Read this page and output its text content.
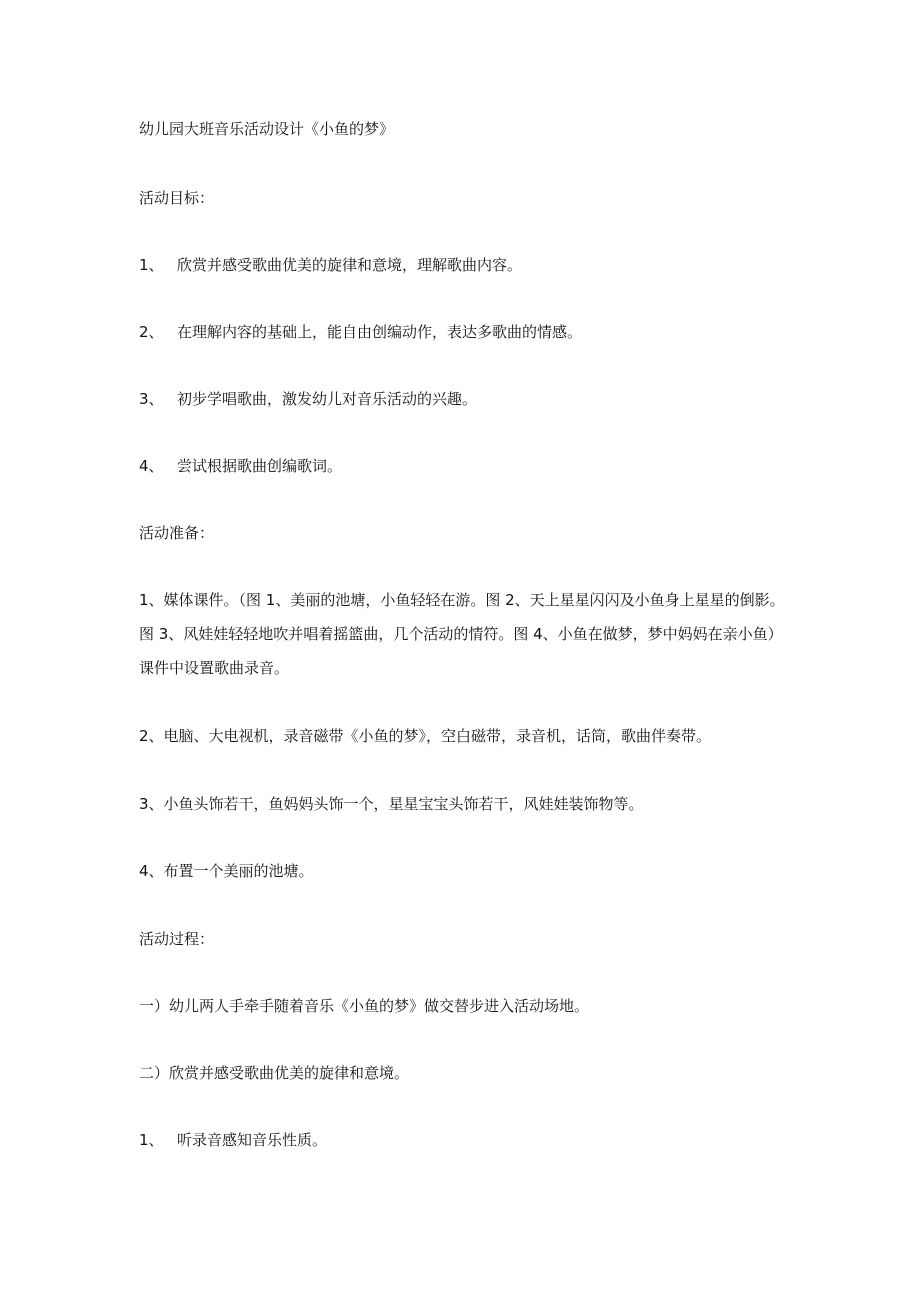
幼儿园大班音乐活动设计《小鱼的梦》
活动目标：
1、 欣赏并感受歌曲优美的旋律和意境，理解歌曲内容。
2、 在理解内容的基础上，能自由创编动作，表达多歌曲的情感。
3、 初步学唱歌曲，激发幼儿对音乐活动的兴趣。
4、 尝试根据歌曲创编歌词。
活动准备：
1、媒体课件。（图 1、美丽的池塘，小鱼轻轻在游。图 2、天上星星闪闪及小鱼身上星星的倒影。图 3、风娃娃轻轻地吹并唱着摇篮曲，几个活动的情符。图 4、小鱼在做梦，梦中妈妈在亲小鱼）课件中设置歌曲录音。
2、电脑、大电视机，录音磁带《小鱼的梦》，空白磁带，录音机，话筒，歌曲伴奏带。
3、小鱼头饰若干，鱼妈妈头饰一个，星星宝宝头饰若干，风娃娃装饰物等。
4、布置一个美丽的池塘。
活动过程：
一）幼儿两人手牵手随着音乐《小鱼的梦》做交替步进入活动场地。
二）欣赏并感受歌曲优美的旋律和意境。
1、 听录音感知音乐性质。
